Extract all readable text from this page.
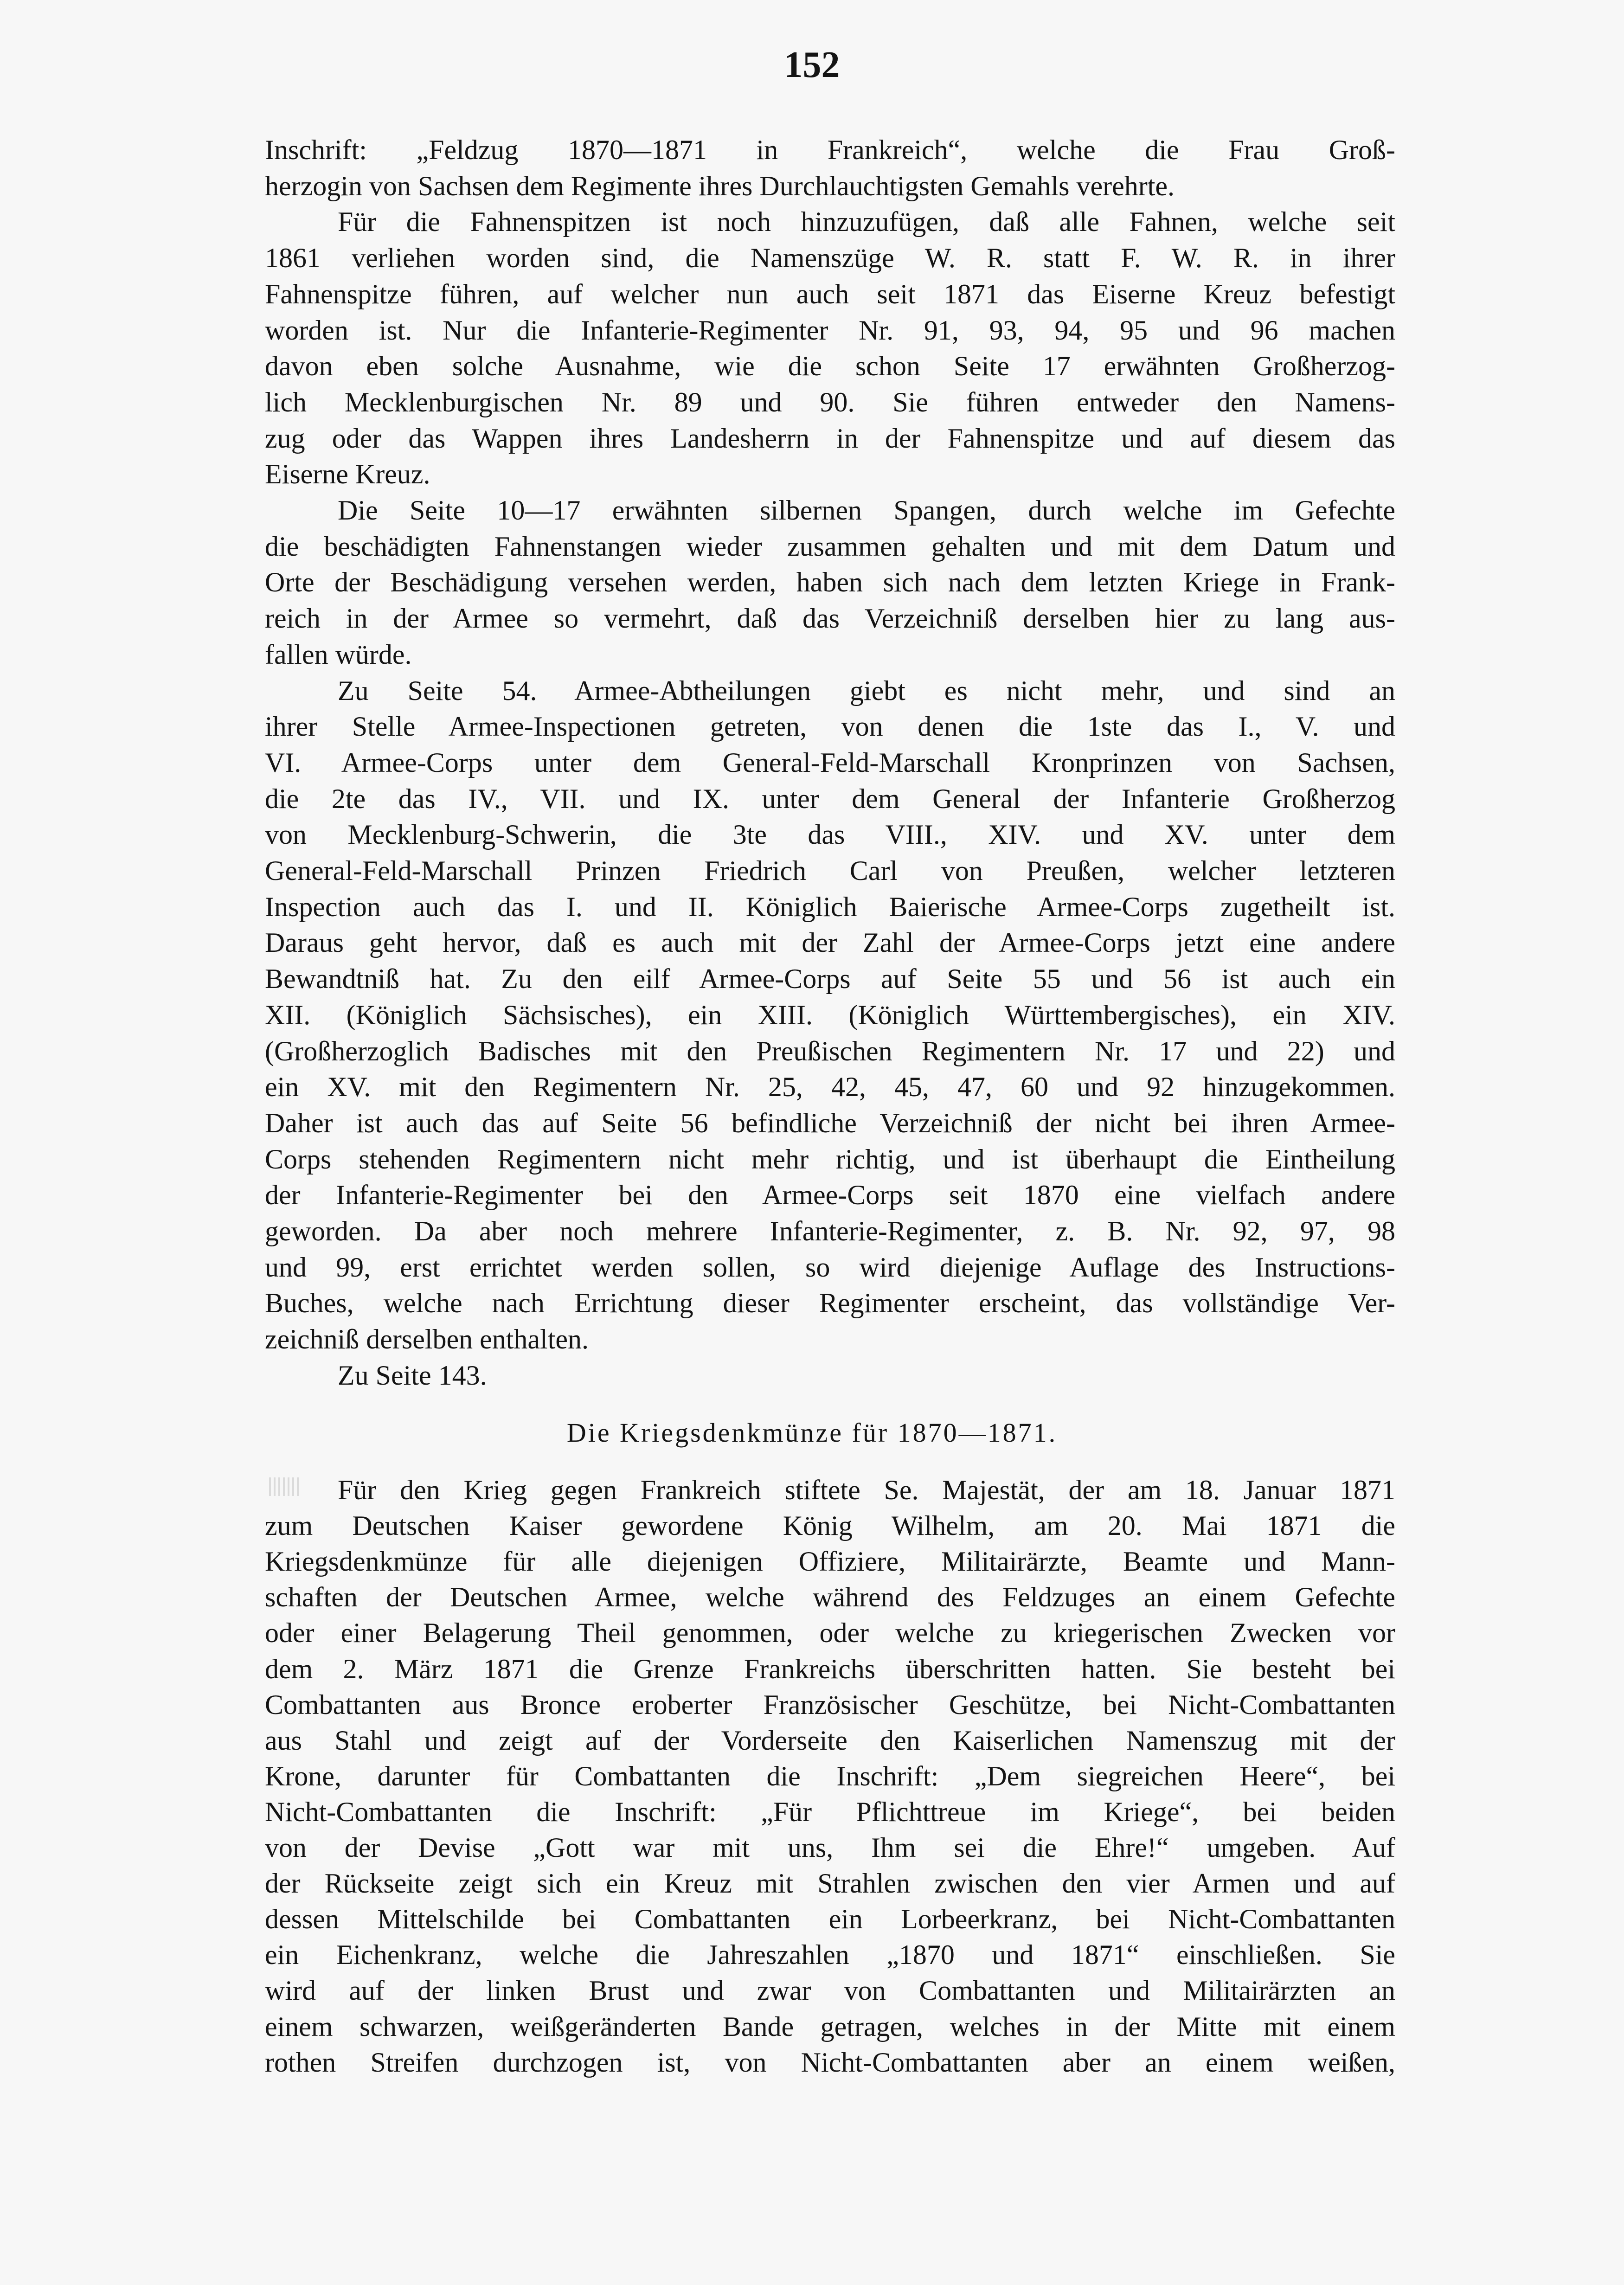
152
Inschrift: „Feldzug 1870—1871 in Frankreich“, welche die Frau Groß-
herzogin von Sachsen dem Regimente ihres Durchlauchtigsten Gemahls verehrte.
Für die Fahnenspitzen ist noch hinzuzufügen, daß alle Fahnen, welche seit
1861 verliehen worden sind, die Namenszüge W. R. statt F. W. R. in ihrer
Fahnenspitze führen, auf welcher nun auch seit 1871 das Eiserne Kreuz befestigt
worden ist. Nur die Infanterie-Regimenter Nr. 91, 93, 94, 95 und 96 machen
davon eben solche Ausnahme, wie die schon Seite 17 erwähnten Großherzog-
lich Mecklenburgischen Nr. 89 und 90. Sie führen entweder den Namens-
zug oder das Wappen ihres Landesherrn in der Fahnenspitze und auf diesem das
Eiserne Kreuz.
Die Seite 10—17 erwähnten silbernen Spangen, durch welche im Gefechte
die beschädigten Fahnenstangen wieder zusammen gehalten und mit dem Datum und
Orte der Beschädigung versehen werden, haben sich nach dem letzten Kriege in Frank-
reich in der Armee so vermehrt, daß das Verzeichniß derselben hier zu lang aus-
fallen würde.
Zu Seite 54. Armee-Abtheilungen giebt es nicht mehr, und sind an
ihrer Stelle Armee-Inspectionen getreten, von denen die 1ste das I., V. und
VI. Armee-Corps unter dem General-Feld-Marschall Kronprinzen von Sachsen,
die 2te das IV., VII. und IX. unter dem General der Infanterie Großherzog
von Mecklenburg-Schwerin, die 3te das VIII., XIV. und XV. unter dem
General-Feld-Marschall Prinzen Friedrich Carl von Preußen, welcher letzteren
Inspection auch das I. und II. Königlich Baierische Armee-Corps zugetheilt ist.
Daraus geht hervor, daß es auch mit der Zahl der Armee-Corps jetzt eine andere
Bewandtniß hat. Zu den eilf Armee-Corps auf Seite 55 und 56 ist auch ein
XII. (Königlich Sächsisches), ein XIII. (Königlich Württembergisches), ein XIV.
(Großherzoglich Badisches mit den Preußischen Regimentern Nr. 17 und 22) und
ein XV. mit den Regimentern Nr. 25, 42, 45, 47, 60 und 92 hinzugekommen.
Daher ist auch das auf Seite 56 befindliche Verzeichniß der nicht bei ihren Armee-
Corps stehenden Regimentern nicht mehr richtig, und ist überhaupt die Eintheilung
der Infanterie-Regimenter bei den Armee-Corps seit 1870 eine vielfach andere
geworden. Da aber noch mehrere Infanterie-Regimenter, z. B. Nr. 92, 97, 98
und 99, erst errichtet werden sollen, so wird diejenige Auflage des Instructions-
Buches, welche nach Errichtung dieser Regimenter erscheint, das vollständige Ver-
zeichniß derselben enthalten.
Zu Seite 143.
Die Kriegsdenkmünze für 1870—1871.
Für den Krieg gegen Frankreich stiftete Se. Majestät, der am 18. Januar 1871
zum Deutschen Kaiser gewordene König Wilhelm, am 20. Mai 1871 die
Kriegsdenkmünze für alle diejenigen Offiziere, Militairärzte, Beamte und Mann-
schaften der Deutschen Armee, welche während des Feldzuges an einem Gefechte
oder einer Belagerung Theil genommen, oder welche zu kriegerischen Zwecken vor
dem 2. März 1871 die Grenze Frankreichs überschritten hatten. Sie besteht bei
Combattanten aus Bronce eroberter Französischer Geschütze, bei Nicht-Combattanten
aus Stahl und zeigt auf der Vorderseite den Kaiserlichen Namenszug mit der
Krone, darunter für Combattanten die Inschrift: „Dem siegreichen Heere“, bei
Nicht-Combattanten die Inschrift: „Für Pflichttreue im Kriege“, bei beiden
von der Devise „Gott war mit uns, Ihm sei die Ehre!“ umgeben. Auf
der Rückseite zeigt sich ein Kreuz mit Strahlen zwischen den vier Armen und auf
dessen Mittelschilde bei Combattanten ein Lorbeerkranz, bei Nicht-Combattanten
ein Eichenkranz, welche die Jahreszahlen „1870 und 1871“ einschließen. Sie
wird auf der linken Brust und zwar von Combattanten und Militairärzten an
einem schwarzen, weißgeränderten Bande getragen, welches in der Mitte mit einem
rothen Streifen durchzogen ist, von Nicht-Combattanten aber an einem weißen,
